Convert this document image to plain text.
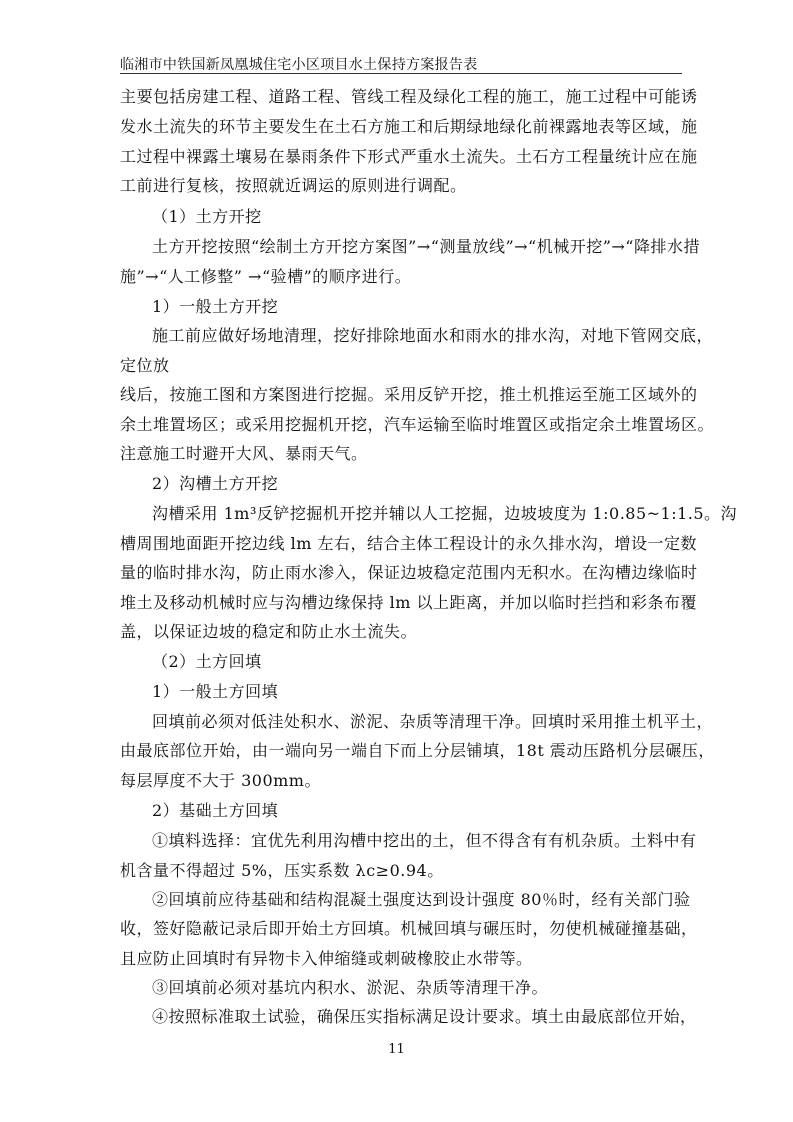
临湘市中铁国新凤凰城住宅小区项目水土保持方案报告表
主要包括房建工程、道路工程、管线工程及绿化工程的施工，施工过程中可能诱
发水土流失的环节主要发生在土石方施工和后期绿地绿化前裸露地表等区域，施
工过程中裸露土壤易在暴雨条件下形式严重水土流失。土石方工程量统计应在施
工前进行复核，按照就近调运的原则进行调配。
（1）土方开挖
土方开挖按照“绘制土方开挖方案图”→“测量放线”→“机械开挖”→“降排水措
施”→“人工修整” →“验槽”的顺序进行。
1）一般土方开挖
施工前应做好场地清理，挖好排除地面水和雨水的排水沟，对地下管网交底，
定位放
线后，按施工图和方案图进行挖掘。采用反铲开挖，推土机推运至施工区域外的
余土堆置场区；或采用挖掘机开挖，汽车运输至临时堆置区或指定余土堆置场区。
注意施工时避开大风、暴雨天气。
2）沟槽土方开挖
沟槽采用 1m³反铲挖掘机开挖并辅以人工挖掘，边坡坡度为 1:0.85~1:1.5。沟
槽周围地面距开挖边线 lm 左右，结合主体工程设计的永久排水沟，增设一定数
量的临时排水沟，防止雨水渗入，保证边坡稳定范围内无积水。在沟槽边缘临时
堆土及移动机械时应与沟槽边缘保持 lm 以上距离，并加以临时拦挡和彩条布覆
盖，以保证边坡的稳定和防止水土流失。
（2）土方回填
1）一般土方回填
回填前必须对低洼处积水、淤泥、杂质等清理干净。回填时采用推土机平土，
由最底部位开始，由一端向另一端自下而上分层铺填，18t 震动压路机分层碾压，
每层厚度不大于 300mm。
2）基础土方回填
①填料选择：宜优先利用沟槽中挖出的土，但不得含有有机杂质。土料中有
机含量不得超过 5%，压实系数 λc≥0.94。
②回填前应待基础和结构混凝土强度达到设计强度 80％时，经有关部门验
收，签好隐蔽记录后即开始土方回填。机械回填与碾压时，勿使机械碰撞基础，
且应防止回填时有异物卡入伸缩缝或刺破橡胶止水带等。
③回填前必须对基坑内积水、淤泥、杂质等清理干净。
④按照标准取土试验，确保压实指标满足设计要求。填土由最底部位开始，
11
